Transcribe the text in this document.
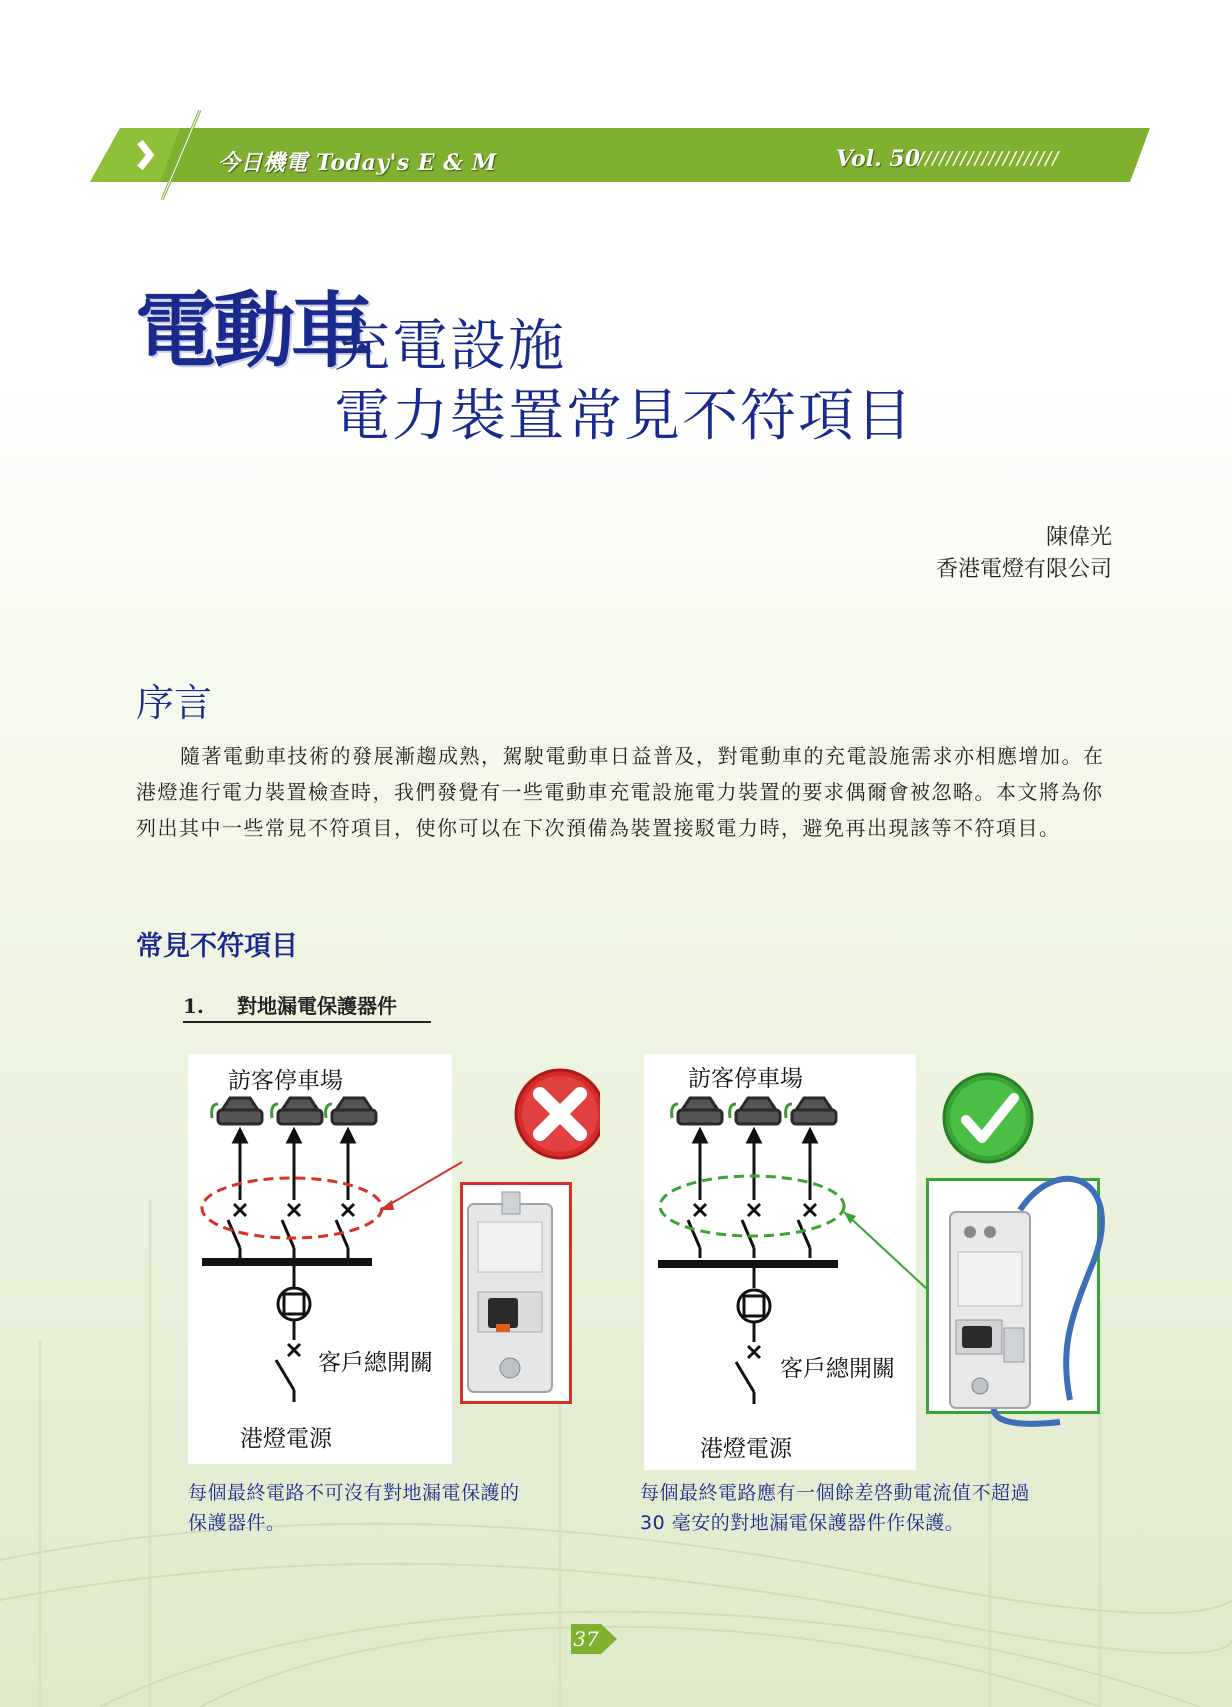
今日機電 Today's E & M	Vol. 50
////////////////////
電動車
充電設施
電力裝置常見不符項目
陳偉光
香港電燈有限公司
序言
隨著電動車技術的發展漸趨成熟，駕駛電動車日益普及，對電動車的充電設施需求亦相應增加。在港燈進行電力裝置檢查時，我們發覺有一些電動車充電設施電力裝置的要求偶爾會被忽略。本文將為你列出其中一些常見不符項目，使你可以在下次預備為裝置接駁電力時，避免再出現該等不符項目。
常見不符項目
1. 對地漏電保護器件
訪客停車場
客戶總開關
港燈電源
每個最終電路不可沒有對地漏電保護的
保護器件。
訪客停車場
客戶總開關
港燈電源
每個最終電路應有一個餘差啓動電流值不超過
30 毫安的對地漏電保護器件作保護。
37
